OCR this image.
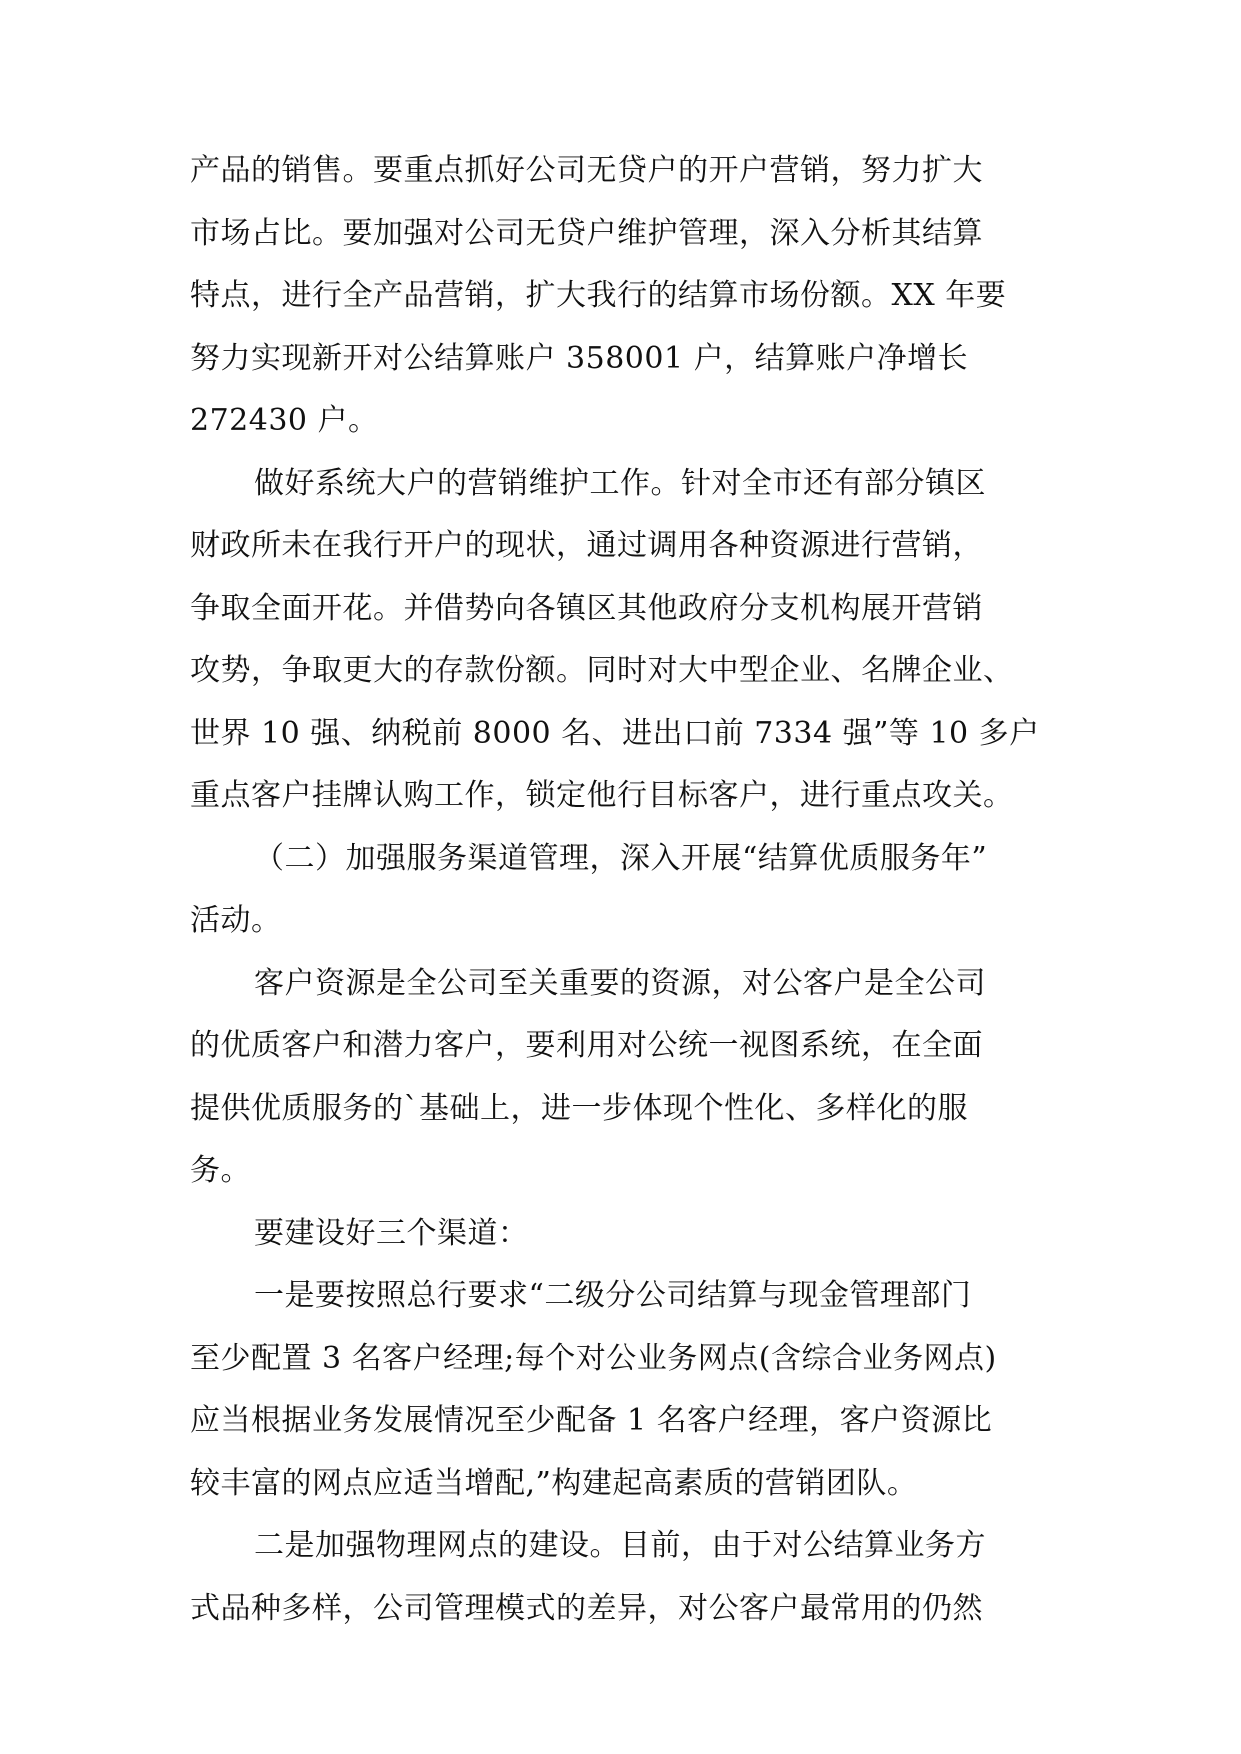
产品的销售。要重点抓好公司无贷户的开户营销，努力扩大
市场占比。要加强对公司无贷户维护管理，深入分析其结算
特点，进行全产品营销，扩大我行的结算市场份额。XX 年要
努力实现新开对公结算账户 358001 户，结算账户净增长
272430 户。
做好系统大户的营销维护工作。针对全市还有部分镇区
财政所未在我行开户的现状，通过调用各种资源进行营销，
争取全面开花。并借势向各镇区其他政府分支机构展开营销
攻势，争取更大的存款份额。同时对大中型企业、名牌企业、
世界 10 强、纳税前 8000 名、进出口前 7334 强”等 10 多户
重点客户挂牌认购工作，锁定他行目标客户，进行重点攻关。
（二）加强服务渠道管理，深入开展“结算优质服务年”
活动。
客户资源是全公司至关重要的资源，对公客户是全公司
的优质客户和潜力客户，要利用对公统一视图系统，在全面
提供优质服务的`基础上，进一步体现个性化、多样化的服
务。
要建设好三个渠道：
一是要按照总行要求“二级分公司结算与现金管理部门
至少配置 3 名客户经理;每个对公业务网点(含综合业务网点)
应当根据业务发展情况至少配备 1 名客户经理，客户资源比
较丰富的网点应适当增配,”构建起高素质的营销团队。
二是加强物理网点的建设。目前，由于对公结算业务方
式品种多样，公司管理模式的差异，对公客户最常用的仍然
